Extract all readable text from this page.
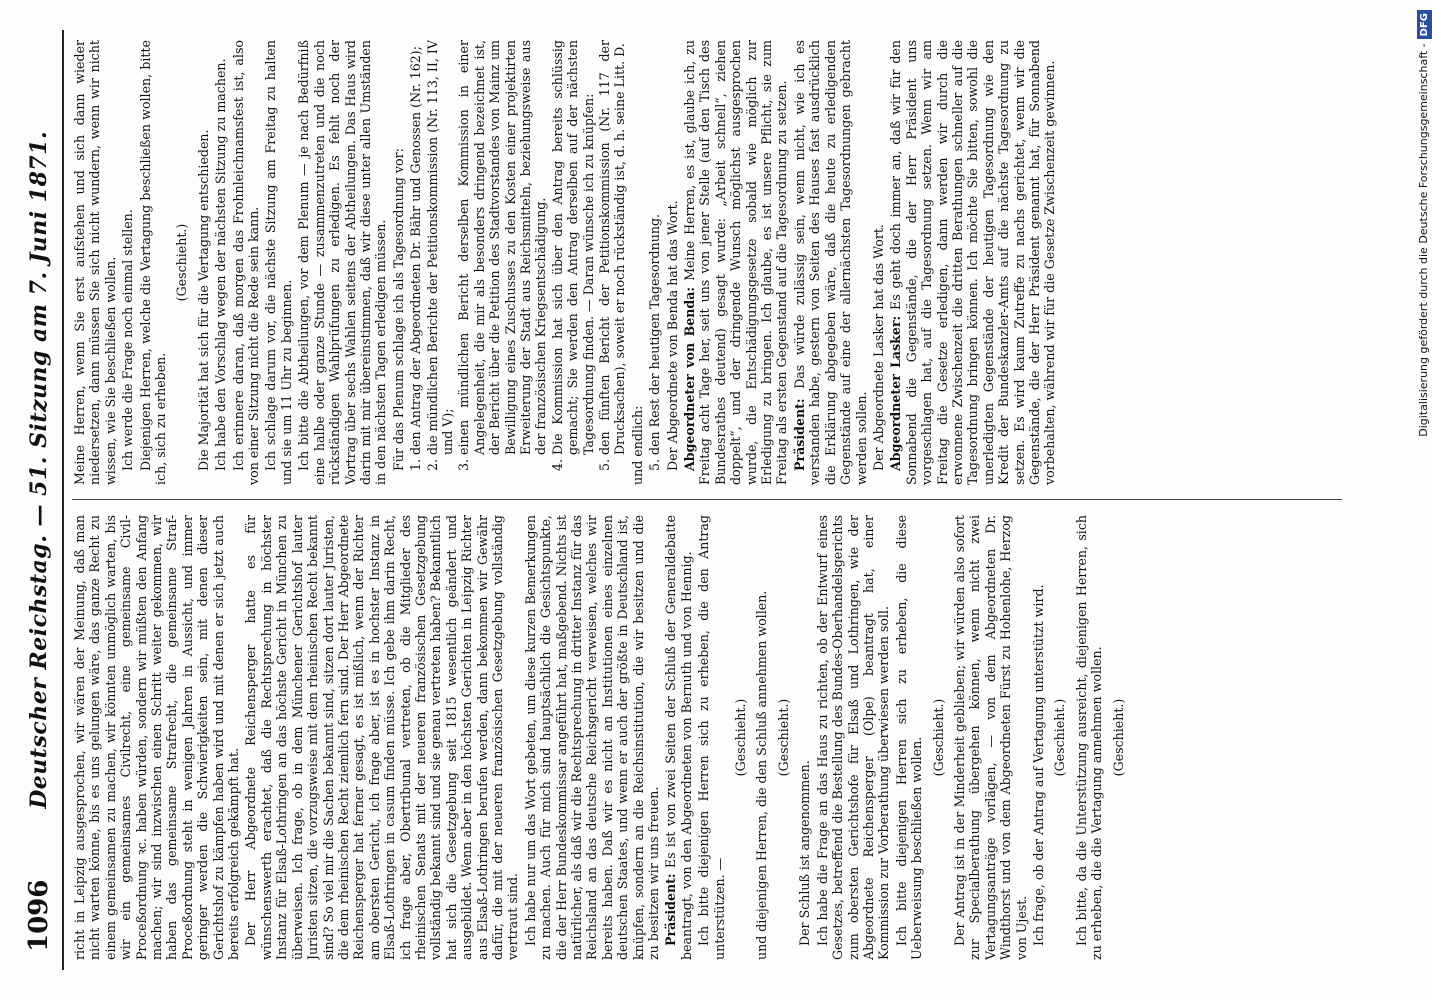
1096
Deutscher Reichstag. — 51. Sitzung am 7. Juni 1871. richt in Leipzig ausgesprochen, wir wären der Meinung, daß man nicht warten könne, bis es uns gelungen wäre, das ganze Recht zu einem gemeinsamen zu machen, wir könnten unmöglich warten, bis wir ein gemeinsames Civilrecht, eine gemeinsame Civil-Proceßordnung ꝛc. haben würden, sondern wir müßten den Anfang machen; wir sind inzwischen einen Schritt weiter gekommen, wir haben das gemeinsame Strafrecht, die gemeinsame Straf-Proceßordnung steht in wenigen Jahren in Aussicht, und immer geringer werden die Schwierigkeiten sein, mit denen dieser Gerichtshof zu kämpfen haben wird und mit denen er sich jetzt auch bereits erfolgreich gekämpft hat. Der Herr Abgeordnete Reichensperger hatte es für wünschenswerth erachtet, daß die Rechtsprechung in höchster Instanz für Elsaß-Lothringen an das höchste Gericht in München zu überweisen. Ich frage, ob in dem Münchener Gerichtshof lauter Juristen sitzen, die vorzugsweise mit dem rheinischen Recht bekannt sind? So viel mir die Sachen bekannt sind, sitzen dort lauter Juristen, die dem rheinischen Recht ziemlich fern sind. Der Herr Abgeordnete Reichensperger hat ferner gesagt, es ist mißlich, wenn der Richter am obersten Gericht, ich frage aber, ist es in hochster Instanz in Elsaß-Lothringen in casum finden müsse. Ich gebe ihm darin Recht, ich frage aber, Obertribunal vertreten, ob die Mitglieder des rheinischen Senats mit der neueren französischen Gesetzgebung vollständig bekannt sind und sie genau vertreten haben? Bekanntlich hat sich die Gesetzgebung seit 1815 wesentlich geändert und ausgebildet. Wenn aber in den höchsten Gerichten in Leipzig Richter aus Elsaß-Lothringen berufen werden, dann bekommen wir Gewähr dafür, die mit der neueren französischen Gesetzgebung vollständig vertraut sind. Ich habe nur um das Wort gebeten, um diese kurzen Bemerkungen zu machen. Auch für mich sind hauptsächlich die Gesichtspunkte, die der Herr Bundeskommissar angeführt hat, maßgebend. Nichts ist natürlicher, als daß wir die Rechtsprechung in dritter Instanz für das Reichsland an das deutsche Reichsgericht verweisen, welches wir bereits haben. Daß wir es nicht an Institutionen eines einzelnen deutschen Staates, und wenn er auch der größte in Deutschland ist, knüpfen, sondern an die Reichsinstitution, die wir besitzen und die zu besitzen wir uns freuen. Präsident: Es ist von zwei Seiten der Schluß der Generaldebatte beantragt, von den Abgeordneten von Bernuth und von Hennig. Ich bitte diejenigen Herren sich zu erheben, die den Antrag unterstützen. —

(Geschieht.) und diejenigen Herren, die den Schluß annehmen wollen. (Geschieht.)

Der Schluß ist angenommen. Ich habe die Frage an das Haus zu richten, ob der Entwurf eines Gesetzes, betreffend die Bestellung des Bundes-Oberhandelsgerichts zum obersten Gerichtshofe für Elsaß und Lothringen, wie der Abgeordnete Reichensperger (Olpe) beantragt hat, einer Kommission zur Vorberathung überwiesen werden soll. Ich bitte diejenigen Herren sich zu erheben, die diese Ueberweisung beschließen wollen. (Geschieht.) Der Antrag ist in der Minderheit geblieben; wir würden also sofort zur Specialberathung übergehen können, wenn nicht zwei Vertagungsanträge vorlägen, — von dem Abgeordneten Dr. Windthorst und von dem Abgeordneten Fürst zu Hohenlohe, Herzog von Ujest. Ich frage, ob der Antrag auf Vertagung unterstützt wird. (Geschieht.) Ich bitte, da die Unterstützung ausreicht, diejenigen Herren, sich zu erheben, die die Vertagung annehmen wollen. (Geschieht.)

Meine Herren, wenn Sie erst aufstehen und sich dann wieder niedersetzen, dann müssen Sie sich nicht wundern, wenn wir nicht wissen, wie Sie beschließen wollen. Ich werde die Frage noch einmal stellen. Diejenigen Herren, welche die Vertagung beschließen wollen, bitte ich, sich zu erheben.

(Geschieht.) Die Majorität hat sich für die Vertagung entschieden. Ich habe den Vorschlag wegen der nächsten Sitzung zu machen. Ich erinnere daran, daß morgen das Frohnleichnamsfest ist, also von einer Sitzung nicht die Rede sein kann. Ich schlage darum vor, die nächste Sitzung am Freitag zu halten und sie um 11 Uhr zu beginnen. Ich bitte die Abtheilungen, vor dem Plenum — je nach Bedürfniß eine halbe oder ganze Stunde — zusammenzutreten und die noch rückständigen Wahlprüfungen zu erledigen. Es fehlt noch der Vortrag über sechs Wahlen seitens der Abtheilungen. Das Haus wird darin mit mir übereinstimmen, daß wir diese unter allen Umständen in den nächsten Tagen erledigen müssen. Für das Plenum schlage ich als Tagesordnung vor: 1. den Antrag der Abgeordneten Dr. Bähr und Genossen (Nr. 162); 2. die mündlichen Berichte der Petitionskommission (Nr. 113, II, IV und V); 3. einen mündlichen Bericht derselben Kommission in einer Angelegenheit, die mir als besonders dringend bezeichnet ist, der Bericht über die Petition des Stadtvorstandes von Mainz um Bewilligung eines Zuschusses zu den Kosten einer projektirten Erweiterung der Stadt aus Reichsmitteln, beziehungsweise aus der französischen Kriegsentschädigung. 4. Die Kommission hat sich über den Antrag bereits schlüssig gemacht; Sie werden den Antrag derselben auf der nächsten Tagesordnung finden. — Daran wünsche ich zu knüpfen: 5. den fünften Bericht der Petitionskommission (Nr. 117 der Drucksachen), soweit er noch rückständig ist, d. h. seine Litt. D. und endlich: 5. den Rest der heutigen Tagesordnung. Der Abgeordnete von Benda hat das Wort. Abgeordneter von Benda: Meine Herren, es ist, glaube ich, zu Freitag acht Tage her, seit uns von jener Stelle (auf den Tisch des Bundesrathes deutend) gesagt wurde: „Arbeit schnell“, ziehen doppelt“, und der dringende Wunsch möglichst ausgesprochen wurde, die Entschädigungsgesetze sobald wie möglich zur Erledigung zu bringen. Ich glaube, es ist unsere Pflicht, sie zum Freitag als ersten Gegenstand auf die Tagesordnung zu setzen. Präsident: Das würde zulässig sein, wenn nicht, wie ich es verstanden habe, gestern von Seiten des Hauses fast ausdrücklich die Erklärung abgegeben wäre, daß die heute zu erledigenden Gegenstände auf eine der allernächsten Tagesordnungen gebracht werden sollen. Der Abgeordnete Lasker hat das Wort. Abgeordneter Lasker: Es geht doch immer an, daß wir für den Sonnabend die Gegenstände, die der Herr Präsident uns vorgeschlagen hat, auf die Tagesordnung setzen. Wenn wir am Freitag die Gesetze erledigen, dann werden wir durch die erwonnene Zwischenzeit die dritten Berathungen schneller auf die Tagesordnung bringen können. Ich möchte Sie bitten, sowohl die unerledigten Gegenstände der heutigen Tagesordnung wie den Kredit der Bundeskanzler-Amts auf die nächste Tagesordnung zu setzen. Es wird kaum Zutreffe zu nachs gerichtet, wenn wir die Gegenstände, die der Herr Präsident genannt hat, für Sonnabend vorbehalten, während wir für die Gesetze Zwischenzeit gewinnen.	Digitalisierung gefördert durch die Deutsche Forschungsgemeinschaft -DFG
